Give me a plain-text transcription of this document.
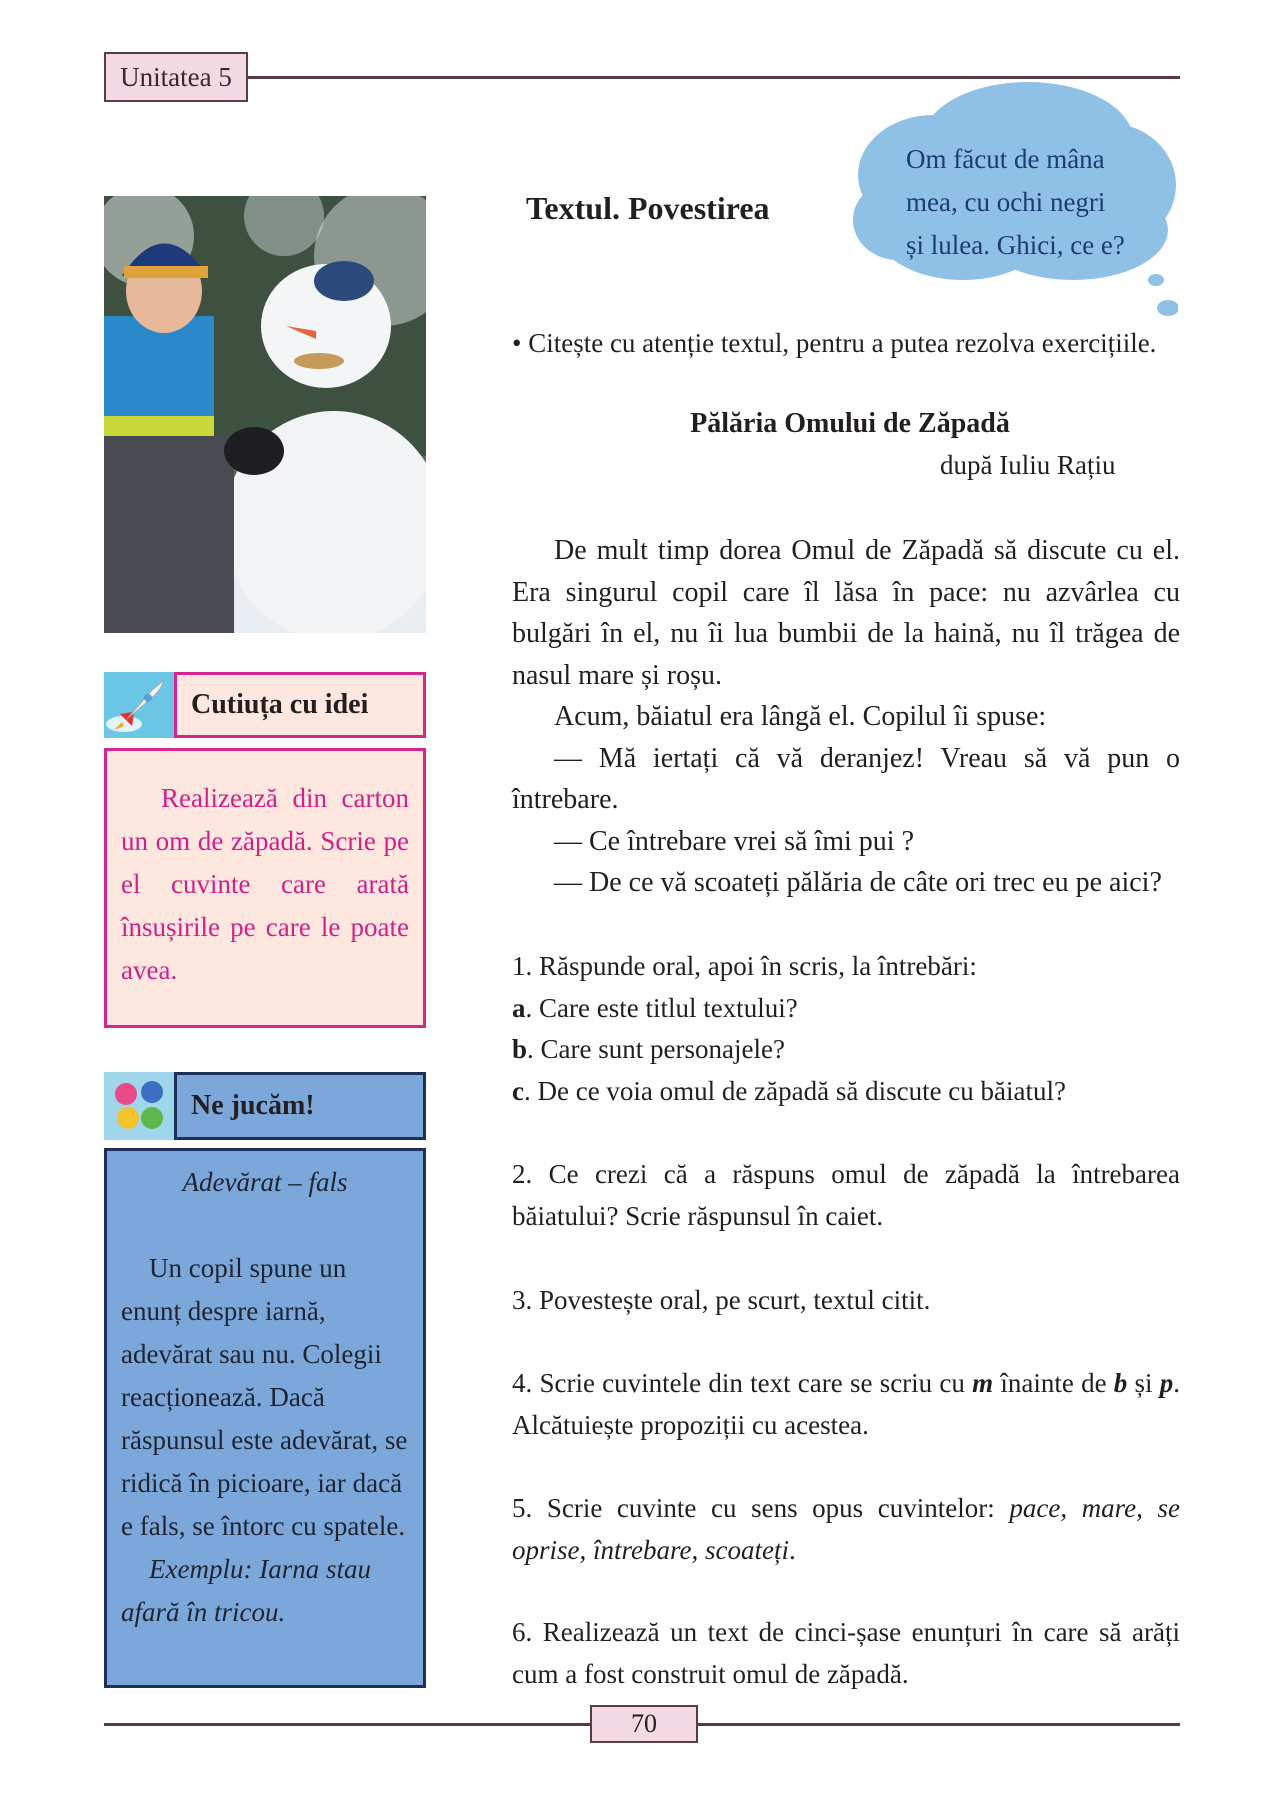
Unitatea 5
Cutiuța cu idei
Realizează din carton un om de zăpadă. Scrie pe el cuvinte care arată însușirile pe care le poate avea.
Ne jucăm!
Adevărat – fals
Un copil spune un enunț despre iarnă, adevărat sau nu. Colegii reacționează. Dacă răspunsul este adevărat, se ridică în picioare, iar dacă e fals, se întorc cu spatele.
Exemplu: Iarna stau afară în tricou.
Textul. Povestirea
Om făcut de mâna
mea, cu ochi negri
și lulea. Ghici, ce e?
• Citește cu atenție textul, pentru a putea rezolva exercițiile.
Pălăria Omului de Zăpadă
după Iuliu Rațiu

De mult timp dorea Omul de Zăpadă să discute cu el. Era singurul copil care îl lăsa în pace: nu azvârlea cu bulgări în el, nu îi lua bumbii de la haină, nu îl trăgea de nasul mare și roșu.

Acum, băiatul era lângă el. Copilul îi spuse:

— Mă iertați că vă deranjez! Vreau să vă pun o întrebare.

— Ce întrebare vrei să îmi pui ?

— De ce vă scoateți pălăria de câte ori trec eu pe aici?

1. Răspunde oral, apoi în scris, la întrebări:

a. Care este titlul textului?

b. Care sunt personajele?

c. De ce voia omul de zăpadă să discute cu băiatul?

2. Ce crezi că a răspuns omul de zăpadă la întrebarea băiatului? Scrie răspunsul în caiet.

3. Povestește oral, pe scurt, textul citit.

4. Scrie cuvintele din text care se scriu cu m înainte de b și p. Alcătuiește propoziții cu acestea.

5. Scrie cuvinte cu sens opus cuvintelor: pace, mare, se oprise, întrebare, scoateți.

6. Realizează un text de cinci-șase enunțuri în care să arăți cum a fost construit omul de zăpadă.

70
